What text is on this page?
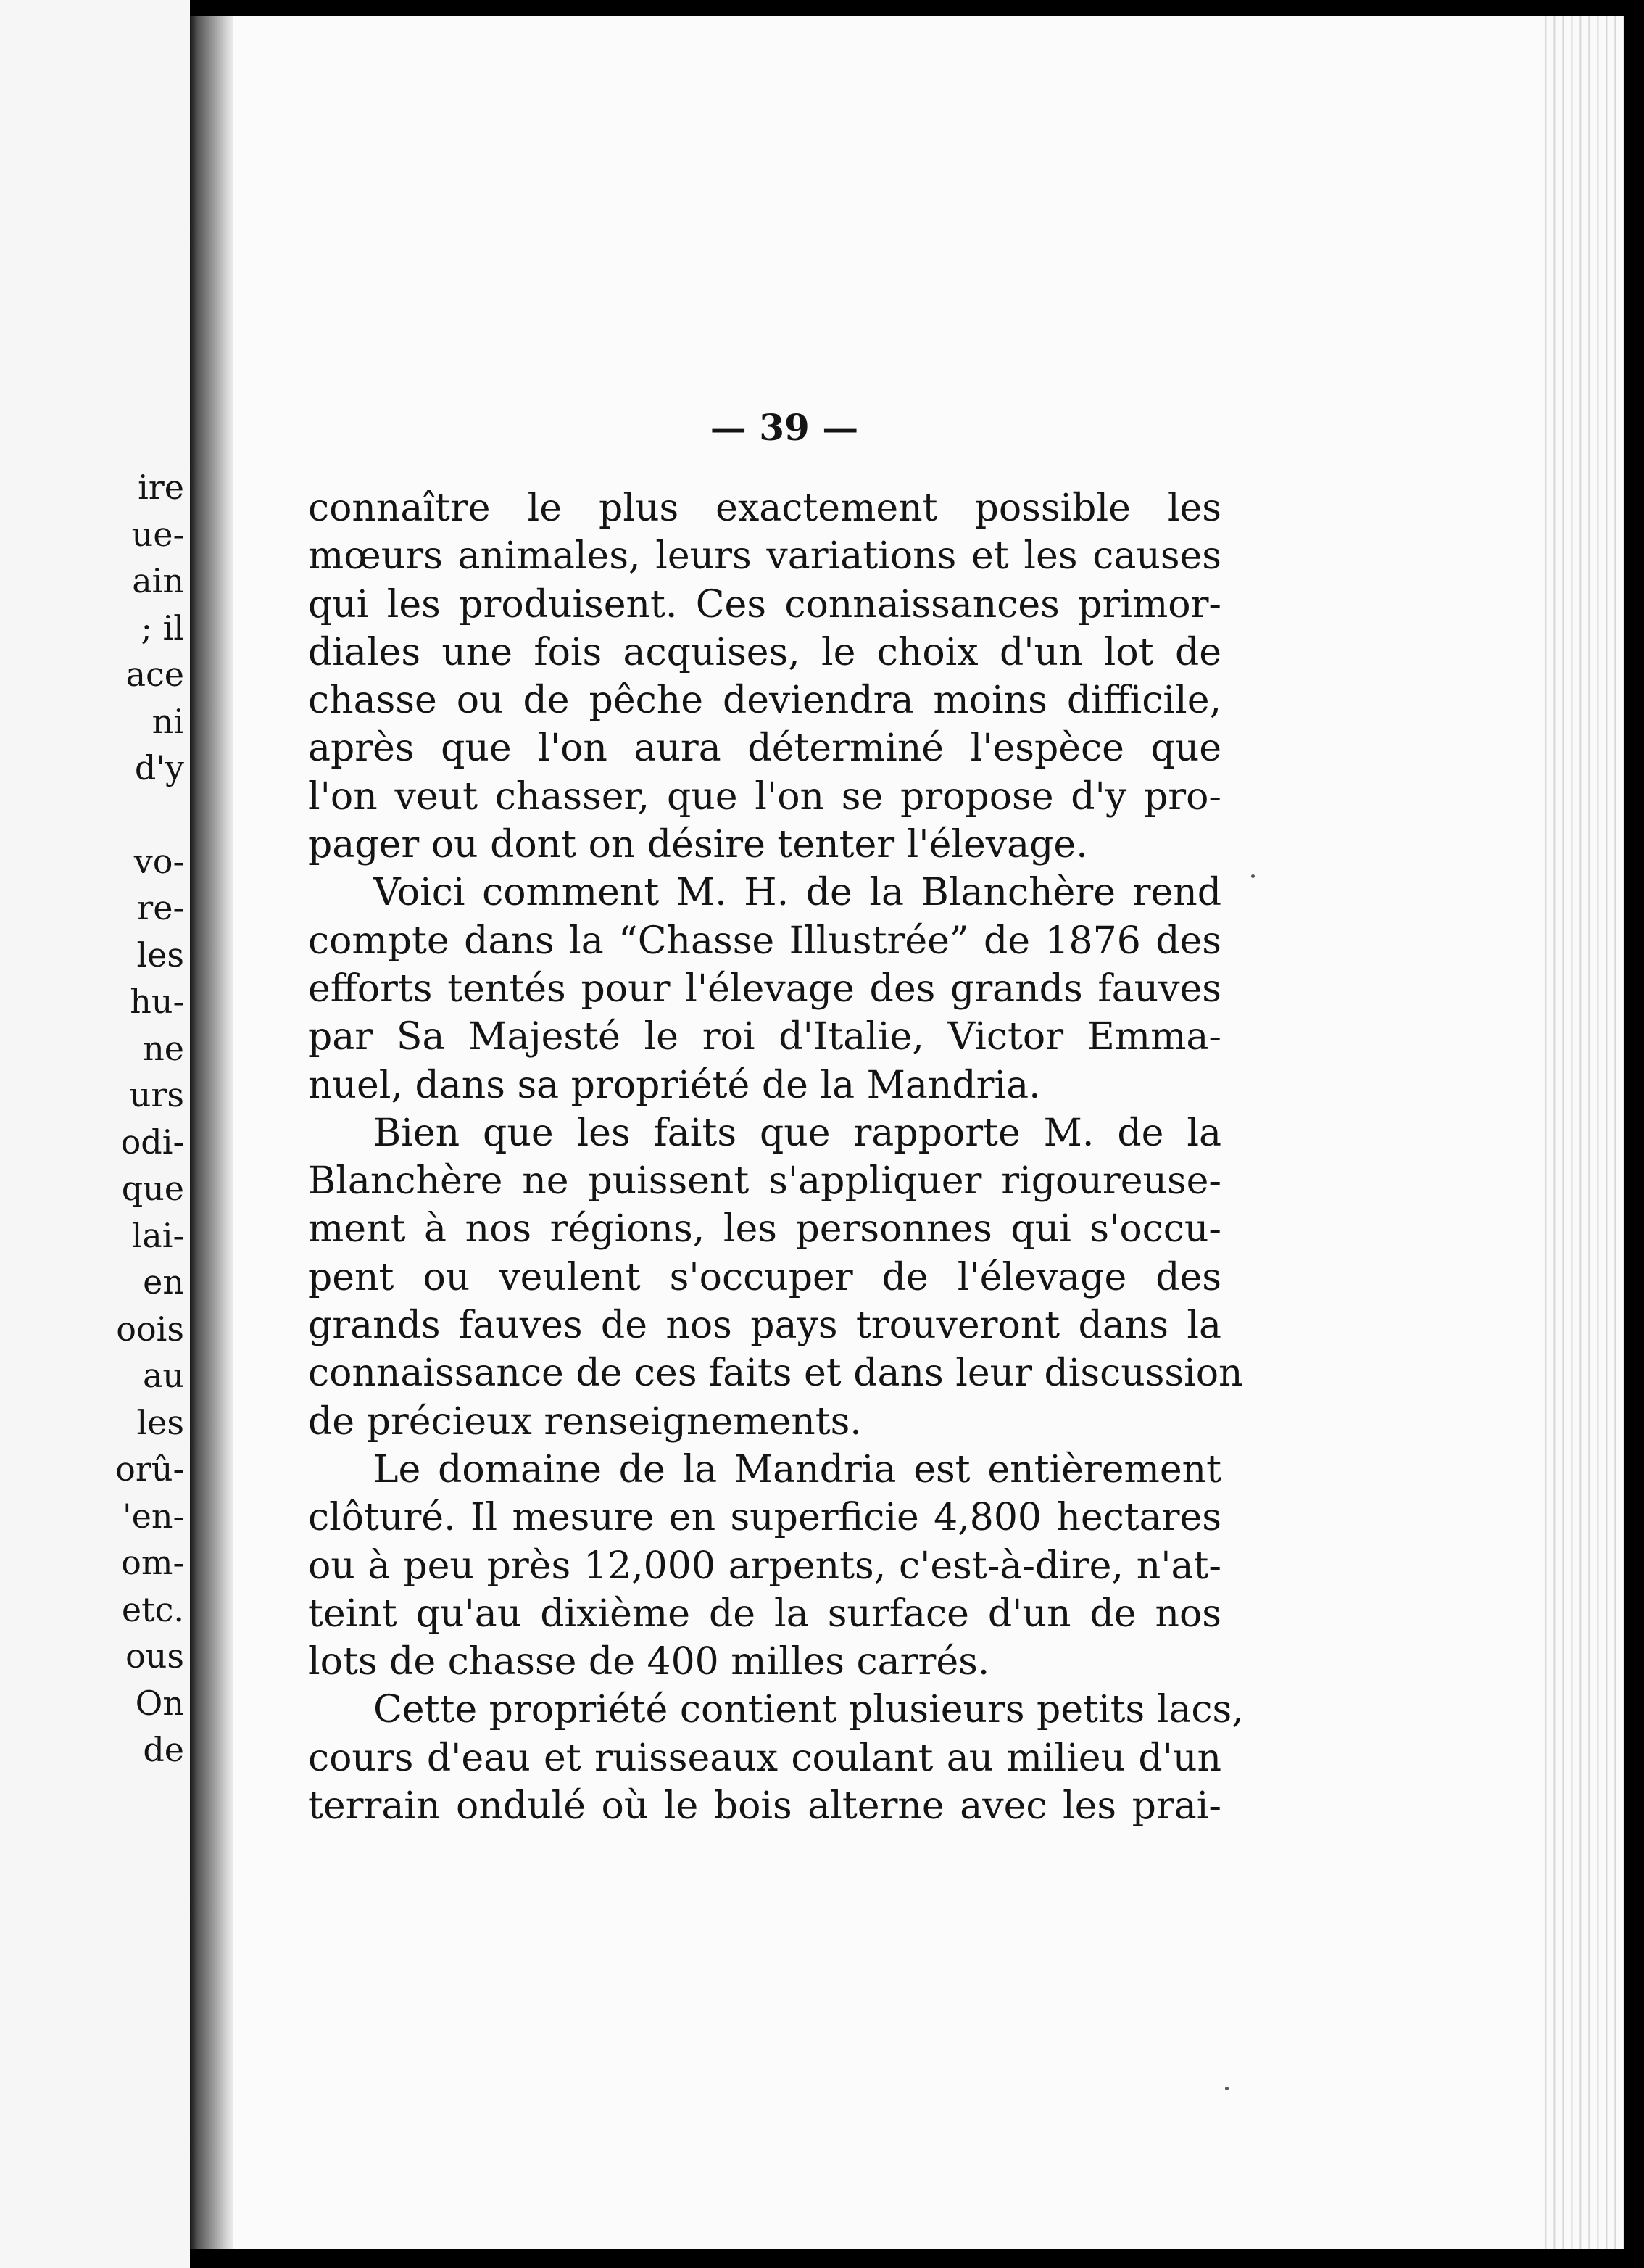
ire
ue-
ain
; il
ace
ni
d'y
vo-
re-
les
hu-
ne
urs
odi-
que
lai-
en
oois
au
les
orû-
'en-
om-
etc.
ous
On
de
— 39 —
connaître le plus exactement possible les
mœurs animales, leurs variations et les causes
qui les produisent. Ces connaissances primor-
diales une fois acquises, le choix d'un lot de
chasse ou de pêche deviendra moins difficile,
après que l'on aura déterminé l'espèce que
l'on veut chasser, que l'on se propose d'y pro-
pager ou dont on désire tenter l'élevage.
Voici comment M. H. de la Blanchère rend
compte dans la “Chasse Illustrée” de 1876 des
efforts tentés pour l'élevage des grands fauves
par Sa Majesté le roi d'Italie, Victor Emma-
nuel, dans sa propriété de la Mandria.
Bien que les faits que rapporte M. de la
Blanchère ne puissent s'appliquer rigoureuse-
ment à nos régions, les personnes qui s'occu-
pent ou veulent s'occuper de l'élevage des
grands fauves de nos pays trouveront dans la
connaissance de ces faits et dans leur discussion
de précieux renseignements.
Le domaine de la Mandria est entièrement
clôturé. Il mesure en superficie 4,800 hectares
ou à peu près 12,000 arpents, c'est-à-dire, n'at-
teint qu'au dixième de la surface d'un de nos
lots de chasse de 400 milles carrés.
Cette propriété contient plusieurs petits lacs,
cours d'eau et ruisseaux coulant au milieu d'un
terrain ondulé où le bois alterne avec les prai-
